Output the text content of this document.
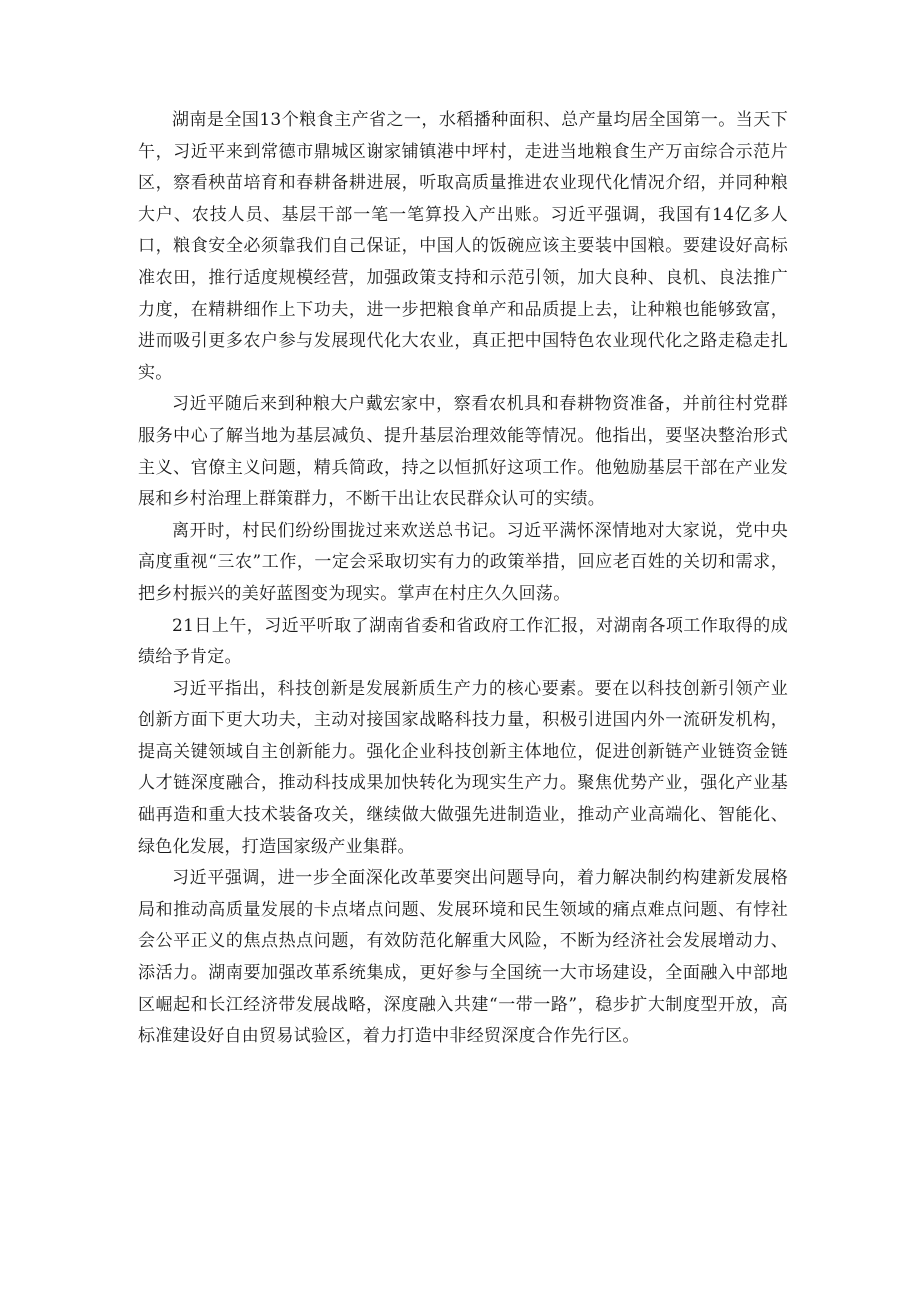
湖南是全国13个粮食主产省之一，水稻播种面积、总产量均居全国第一。当天下午，习近平来到常德市鼎城区谢家铺镇港中坪村，走进当地粮食生产万亩综合示范片区，察看秧苗培育和春耕备耕进展，听取高质量推进农业现代化情况介绍，并同种粮大户、农技人员、基层干部一笔一笔算投入产出账。习近平强调，我国有14亿多人口，粮食安全必须靠我们自己保证，中国人的饭碗应该主要装中国粮。要建设好高标准农田，推行适度规模经营，加强政策支持和示范引领，加大良种、良机、良法推广力度，在精耕细作上下功夫，进一步把粮食单产和品质提上去，让种粮也能够致富，进而吸引更多农户参与发展现代化大农业，真正把中国特色农业现代化之路走稳走扎实。

习近平随后来到种粮大户戴宏家中，察看农机具和春耕物资准备，并前往村党群服务中心了解当地为基层减负、提升基层治理效能等情况。他指出，要坚决整治形式主义、官僚主义问题，精兵简政，持之以恒抓好这项工作。他勉励基层干部在产业发展和乡村治理上群策群力，不断干出让农民群众认可的实绩。

离开时，村民们纷纷围拢过来欢送总书记。习近平满怀深情地对大家说，党中央高度重视“三农”工作，一定会采取切实有力的政策举措，回应老百姓的关切和需求，把乡村振兴的美好蓝图变为现实。掌声在村庄久久回荡。

21日上午，习近平听取了湖南省委和省政府工作汇报，对湖南各项工作取得的成绩给予肯定。

习近平指出，科技创新是发展新质生产力的核心要素。要在以科技创新引领产业创新方面下更大功夫，主动对接国家战略科技力量，积极引进国内外一流研发机构，提高关键领域自主创新能力。强化企业科技创新主体地位，促进创新链产业链资金链人才链深度融合，推动科技成果加快转化为现实生产力。聚焦优势产业，强化产业基础再造和重大技术装备攻关，继续做大做强先进制造业，推动产业高端化、智能化、绿色化发展，打造国家级产业集群。

习近平强调，进一步全面深化改革要突出问题导向，着力解决制约构建新发展格局和推动高质量发展的卡点堵点问题、发展环境和民生领域的痛点难点问题、有悖社会公平正义的焦点热点问题，有效防范化解重大风险，不断为经济社会发展增动力、添活力。湖南要加强改革系统集成，更好参与全国统一大市场建设，全面融入中部地区崛起和长江经济带发展战略，深度融入共建“一带一路”，稳步扩大制度型开放，高标准建设好自由贸易试验区，着力打造中非经贸深度合作先行区。
